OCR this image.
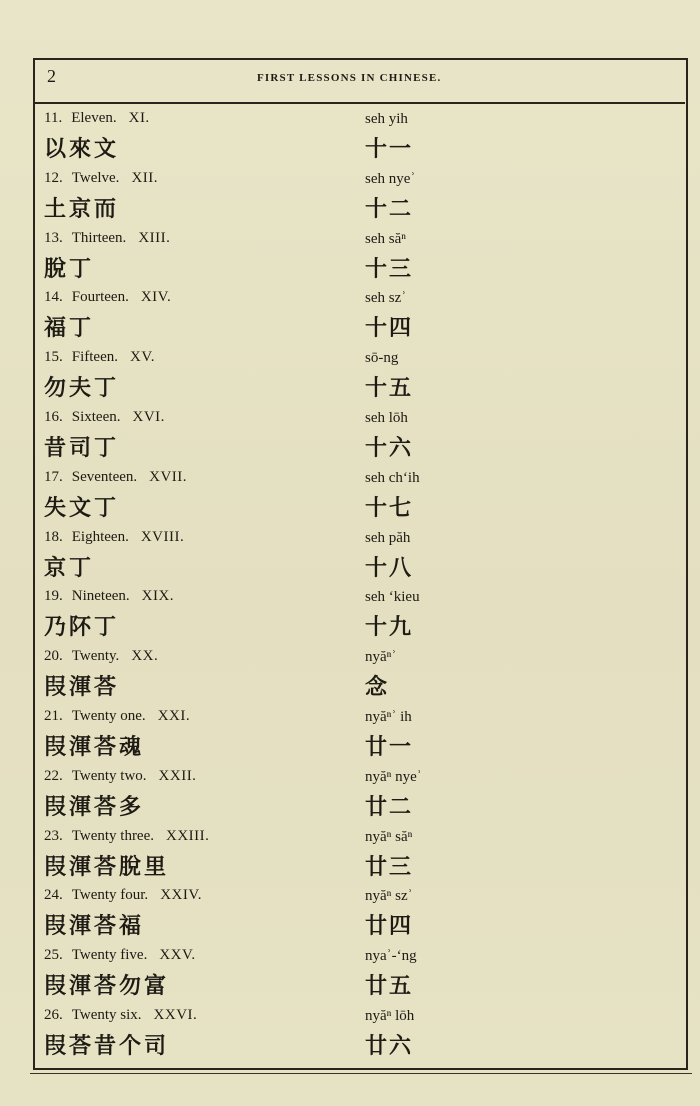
2	FIRST LESSONS IN CHINESE.
11. Eleven. XI.
以來文
seh yih
十一
12. Twelve. XII.
土京而
seh nyeʾ
十二
13. Thirteen. XIII.
脫丁
seh săⁿ
十三
14. Fourteen. XIV.
福丁
seh szʾ
十四
15. Fifteen. XV.
勿夫丁
sō-ng
十五
16. Sixteen. XVI.
昔司丁
seh lōh
十六
17. Seventeen. XVII.
失文丁
seh chʻih
十七
18. Eighteen. XVIII.
京丁
seh păh
十八
19. Nineteen. XIX.
乃阫丁
seh ʻkieu
十九
20. Twenty. XX.
叚渾荅
nyăⁿʾ
念
21. Twenty one. XXI.
叚渾荅魂
nyăⁿʾ ih
廿一
22. Twenty two. XXII.
叚渾荅多
nyăⁿ nyeʾ
廿二
23. Twenty three. XXIII.
叚渾荅脫里
nyăⁿ săⁿ
廿三
24. Twenty four. XXIV.
叚渾荅福
nyăⁿ szʾ
廿四
25. Twenty five. XXV.
叚渾荅勿富
nyaʾ-ʻng
廿五
26. Twenty six. XXVI.
叚荅昔个司
nyăⁿ lōh
廿六
